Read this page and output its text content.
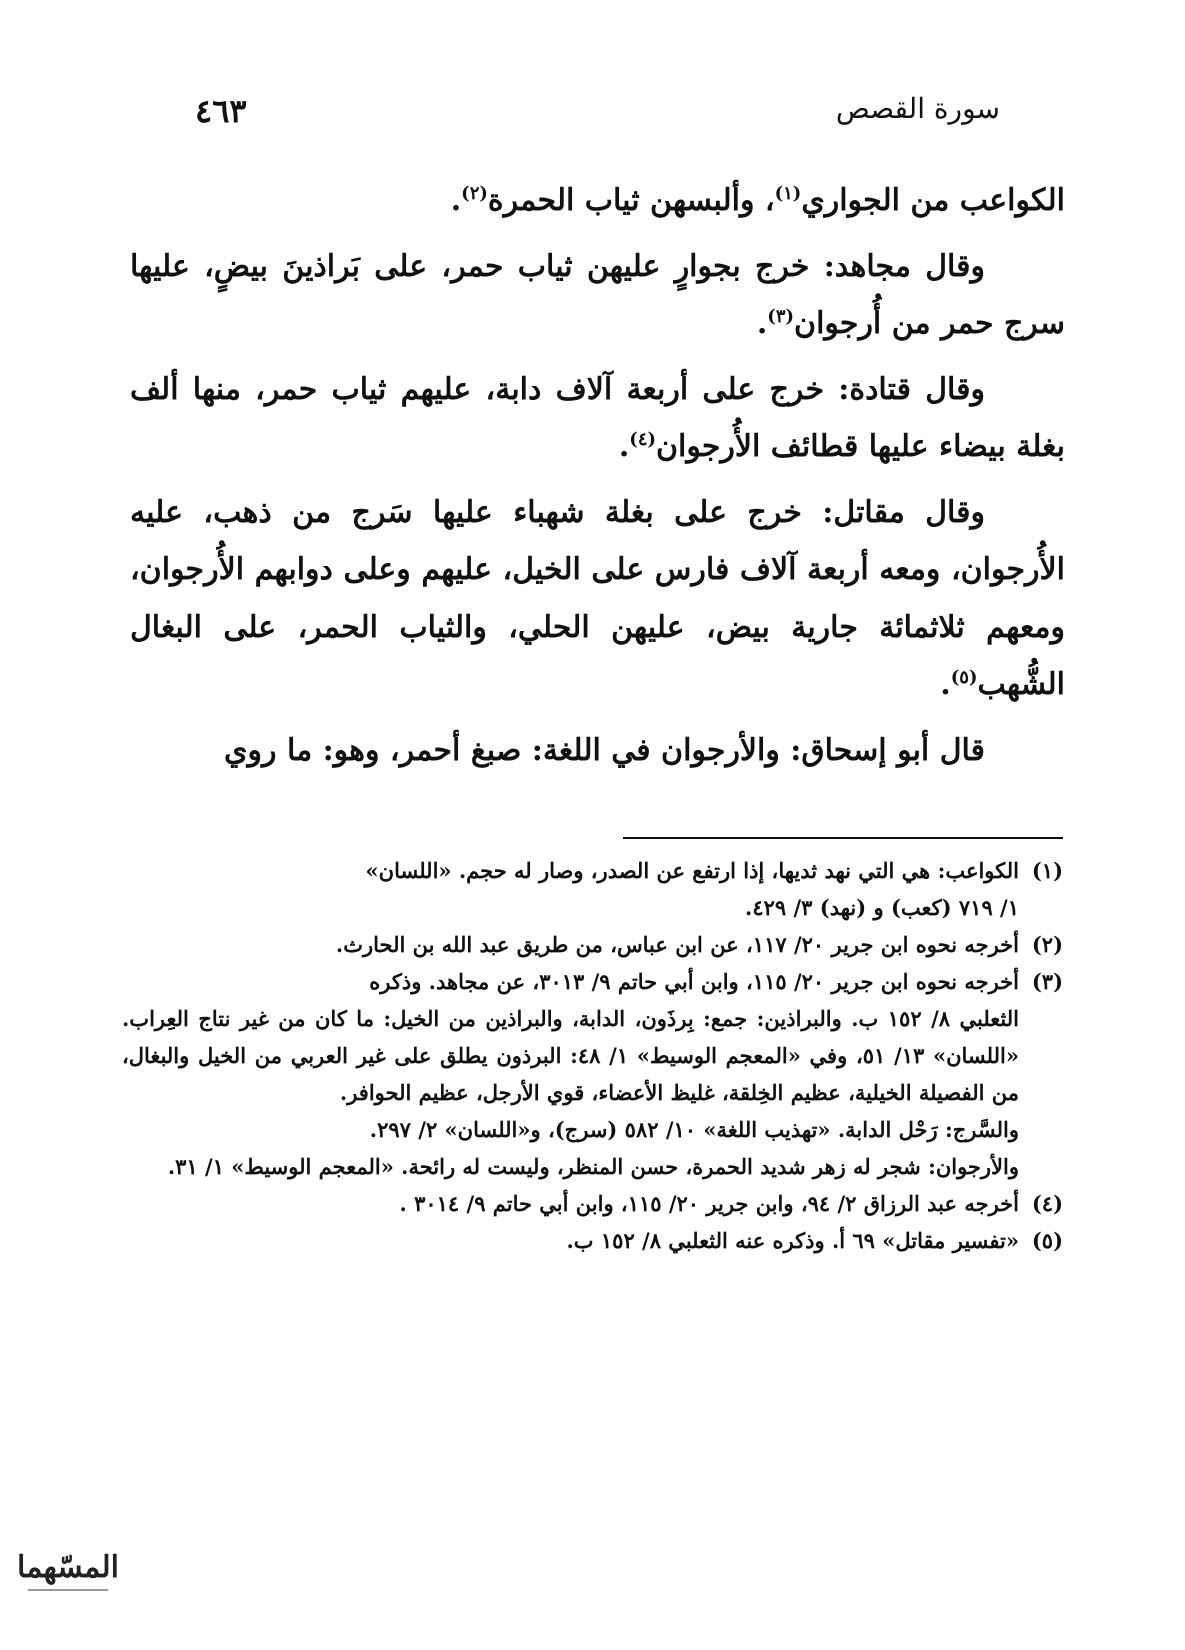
سورة القصص
٤٦٣

الكواعب من الجواري$^{(١)}$، وألبسهن ثياب الحمرة$^{(٢)}$.

وقال مجاهد: خرج بجوارٍ عليهن ثياب حمر، على بَراذينَ بيضٍ، عليها سرج حمر من أُرجوان$^{(٣)}$.

وقال قتادة: خرج على أربعة آلاف دابة، عليهم ثياب حمر، منها ألف بغلة بيضاء عليها قطائف الأُرجوان$^{(٤)}$.

وقال مقاتل: خرج على بغلة شهباء عليها سَرج من ذهب، عليه الأُرجوان، ومعه أربعة آلاف فارس على الخيل، عليهم وعلى دوابهم الأُرجوان، ومعهم ثلاثمائة جارية بيض، عليهن الحلي، والثياب الحمر، على البغال الشُّهب$^{(٥)}$.

قال أبو إسحاق: والأرجوان في اللغة: صبغ أحمر، وهو: ما روي

(١)الكواعب: هي التي نهد ثديها، إذا ارتفع عن الصدر، وصار له حجم. «اللسان»

١/ ٧١٩ (كعب) و (نهد) ٣/ ٤٢٩.

(٢)أخرجه نحوه ابن جرير ٢٠/ ١١٧، عن ابن عباس، من طريق عبد الله بن الحارث.

(٣)أخرجه نحوه ابن جرير ٢٠/ ١١٥، وابن أبي حاتم ٩/ ٣٠١٣، عن مجاهد. وذكره

الثعلبي ٨/ ١٥٢ ب. والبراذين: جمع: بِرذَون، الدابة، والبراذين من الخيل: ما كان من غير نتاج العِراب. «اللسان» ١٣/ ٥١، وفي «المعجم الوسيط» ١/ ٤٨: البرذون يطلق على غير العربي من الخيل والبغال، من الفصيلة الخيلية، عظيم الخِلقة، غليظ الأعضاء، قوي الأرجل، عظيم الحوافر.

والسَّرج: رَحْل الدابة. «تهذيب اللغة» ١٠/ ٥٨٢ (سرج)، و«اللسان» ٢/ ٢٩٧.

والأرجوان: شجر له زهر شديد الحمرة، حسن المنظر، وليست له رائحة. «المعجم الوسيط» ١/ ٣١.

(٤)أخرجه عبد الرزاق ٢/ ٩٤، وابن جرير ٢٠/ ١١٥، وابن أبي حاتم ٩/ ٣٠١٤ .

(٥)«تفسير مقاتل» ٦٩ أ. وذكره عنه الثعلبي ٨/ ١٥٢ ب.

المسّهما
